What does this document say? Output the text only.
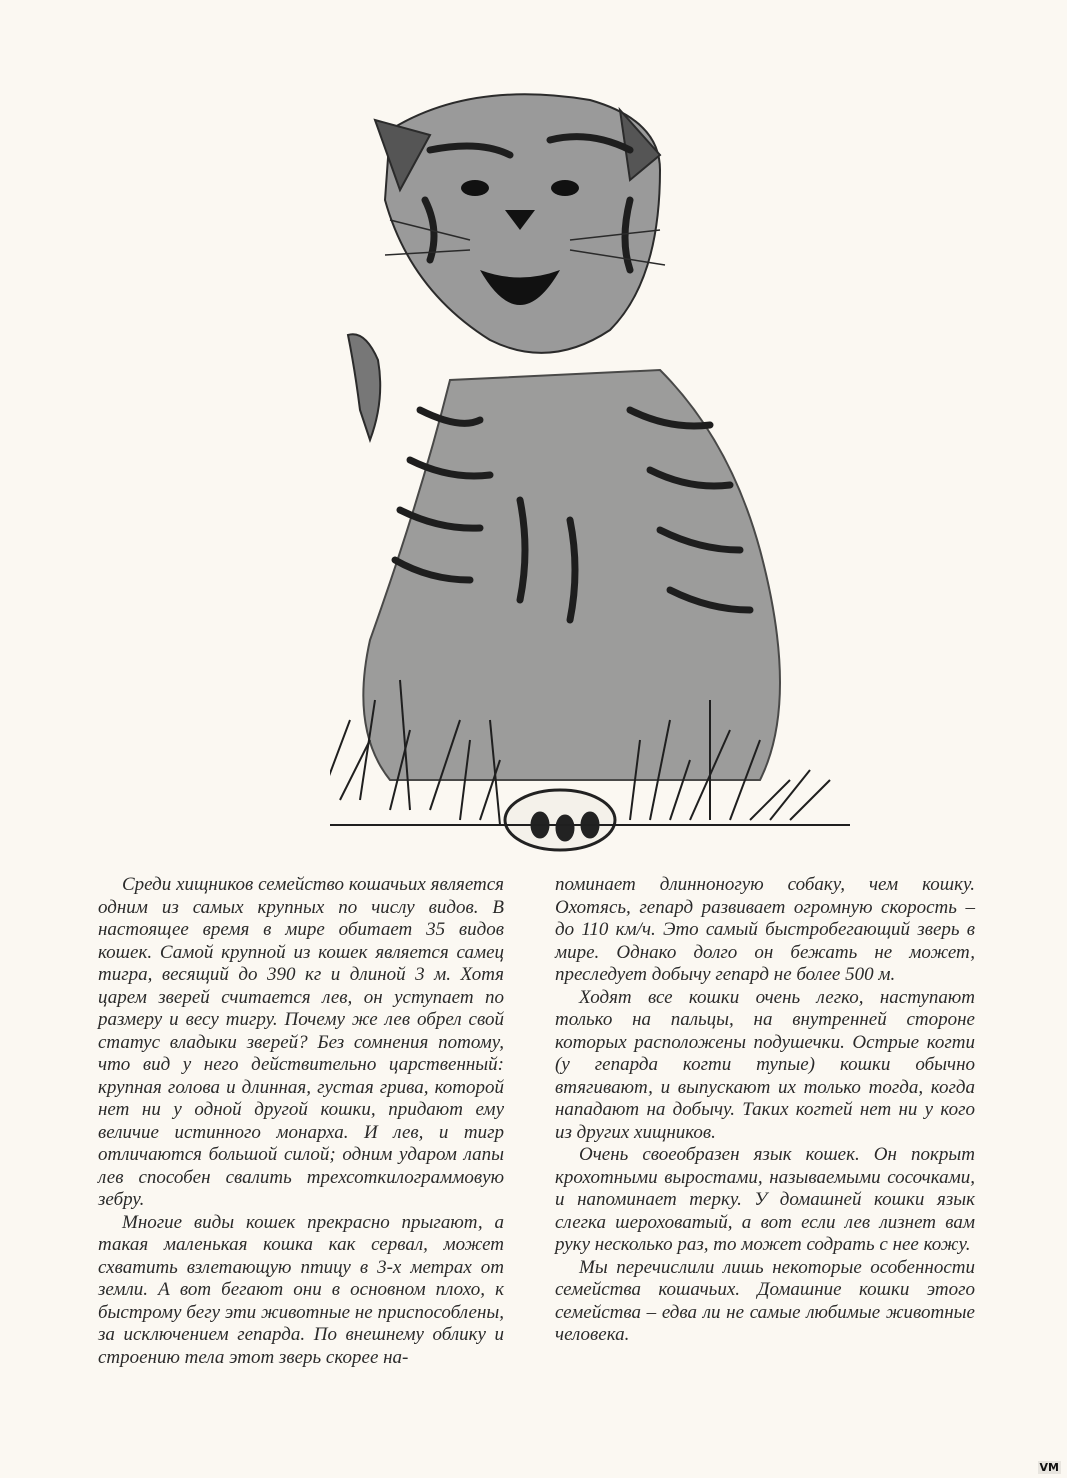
Среди хищников семейство кошачьих является одним из самых крупных по числу видов. В настоящее время в мире обитает 35 видов кошек. Самой крупной из кошек является самец тигра, весящий до 390 кг и длиной 3 м. Хотя царем зверей считается лев, он уступает по размеру и весу тигру. Почему же лев обрел свой статус владыки зверей? Без сомнения потому, что вид у него действительно царственный: крупная голова и длинная, густая грива, которой нет ни у одной другой кошки, придают ему величие истинного монарха. И лев, и тигр отличаются большой силой; одним ударом лапы лев способен свалить трехсоткилограммовую зебру.

Многие виды кошек прекрасно прыгают, а такая маленькая кошка как сервал, может схватить взлетающую птицу в 3-х метрах от земли. А вот бегают они в основном плохо, к быстрому бегу эти животные не приспособлены, за исключением гепарда. По внешнему облику и строению тела этот зверь скорее на-

поминает длинноногую собаку, чем кошку. Охотясь, гепард развивает огромную скорость – до 110 км/ч. Это самый быстробегающий зверь в мире. Однако долго он бежать не может, преследует добычу гепард не более 500 м.

Ходят все кошки очень легко, наступают только на пальцы, на внутренней стороне которых расположены подушечки. Острые когти (у гепарда когти тупые) кошки обычно втягивают, и выпускают их только тогда, когда нападают на добычу. Таких когтей нет ни у кого из других хищников.

Очень своеобразен язык кошек. Он покрыт крохотными выростами, называемыми сосочками, и напоминает терку. У домашней кошки язык слегка шероховатый, а вот если лев лизнет вам руку несколько раз, то может содрать с нее кожу.

Мы перечислили лишь некоторые особенности семейства кошачьих. Домашние кошки этого семейства – едва ли не самые любимые животные человека.

VM
